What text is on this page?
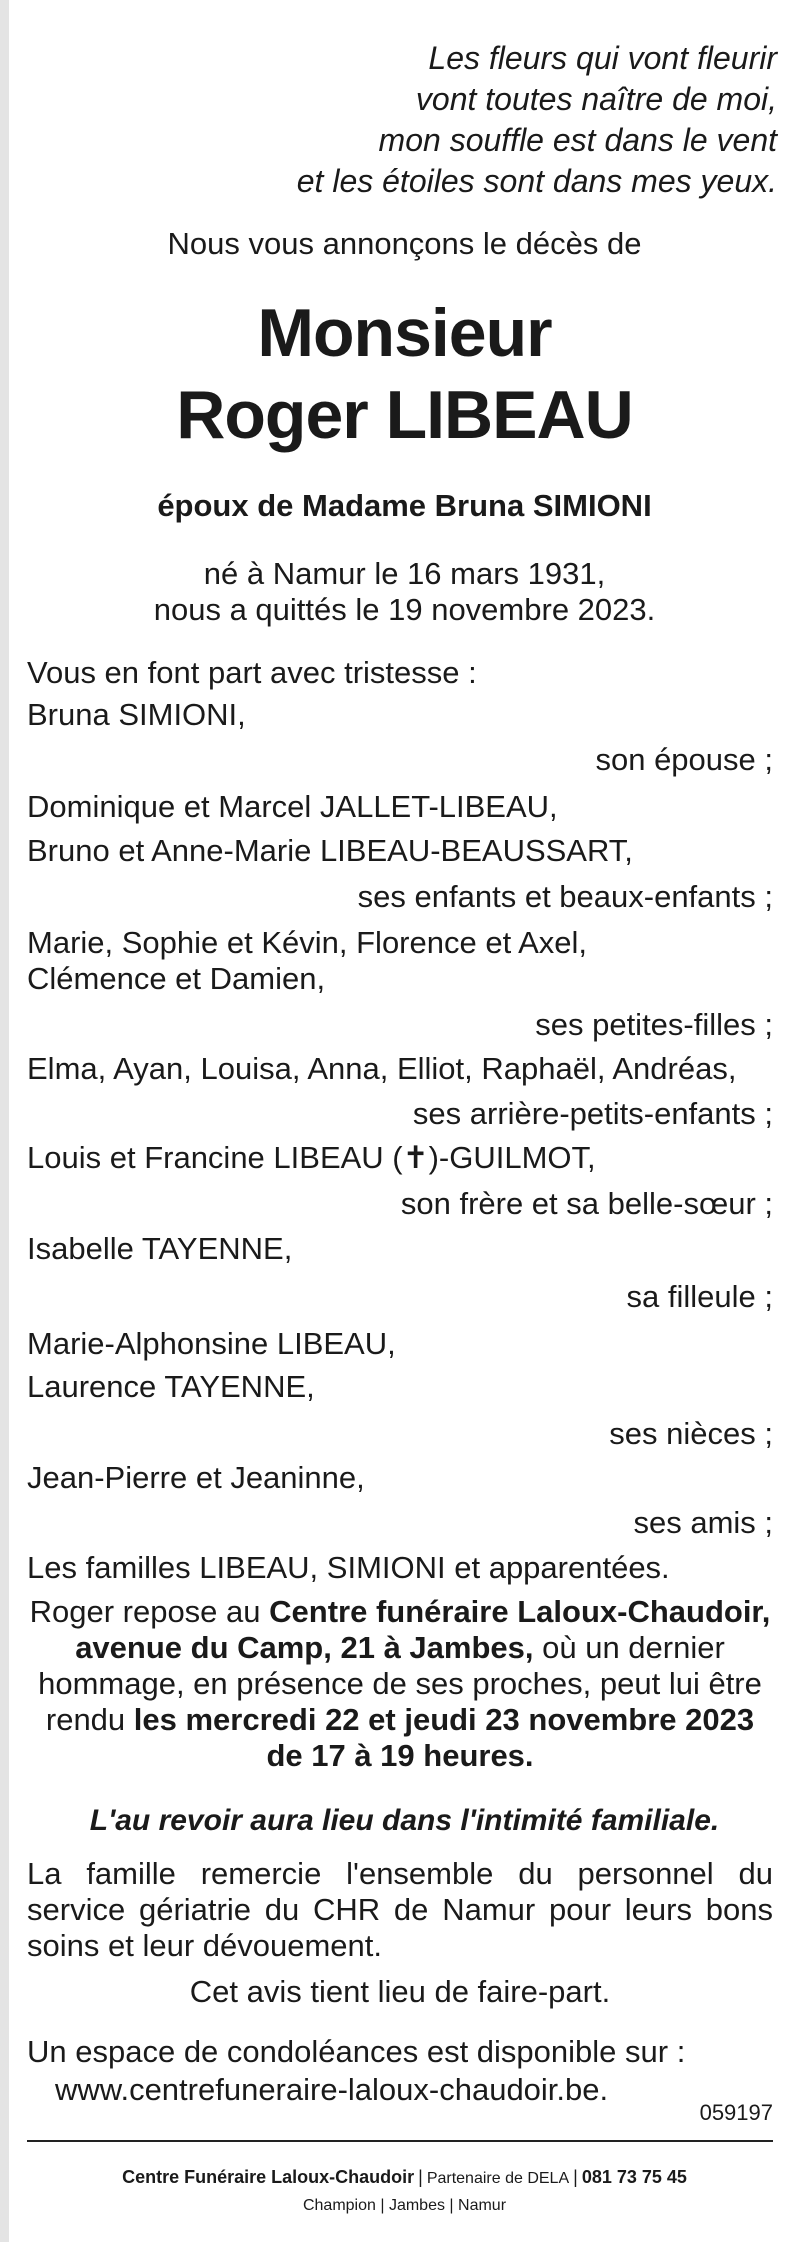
Les fleurs qui vont fleurir
vont toutes naître de moi,
mon souffle est dans le vent
et les étoiles sont dans mes yeux.
Nous vous annonçons le décès de
Monsieur
Roger LIBEAU
époux de Madame Bruna SIMIONI
né à Namur le 16 mars 1931,
nous a quittés le 19 novembre 2023.
Vous en font part avec tristesse :
Bruna SIMIONI,
son épouse ;
Dominique et Marcel JALLET-LIBEAU,
Bruno et Anne-Marie LIBEAU-BEAUSSART,
ses enfants et beaux-enfants ;
Marie, Sophie et Kévin, Florence et Axel,
Clémence et Damien,
ses petites-filles ;
Elma, Ayan, Louisa, Anna, Elliot, Raphaël, Andréas,
ses arrière-petits-enfants ;
Louis et Francine LIBEAU (✝)-GUILMOT,
son frère et sa belle-sœur ;
Isabelle TAYENNE,
sa filleule ;
Marie-Alphonsine LIBEAU,
Laurence TAYENNE,
ses nièces ;
Jean-Pierre et Jeaninne,
ses amis ;
Les familles LIBEAU, SIMIONI et apparentées.
Roger repose au Centre funéraire Laloux-Chaudoir, avenue du Camp, 21 à Jambes, où un dernier hommage, en présence de ses proches, peut lui être rendu les mercredi 22 et jeudi 23 novembre 2023 de 17 à 19 heures.
L'au revoir aura lieu dans l'intimité familiale.
La famille remercie l'ensemble du personnel du service gériatrie du CHR de Namur pour leurs bons soins et leur dévouement.
Cet avis tient lieu de faire-part.
Un espace de condoléances est disponible sur :
www.centrefuneraire-laloux-chaudoir.be.
059197
Centre Funéraire Laloux-Chaudoir | Partenaire de DELA | 081 73 75 45
Champion | Jambes | Namur
